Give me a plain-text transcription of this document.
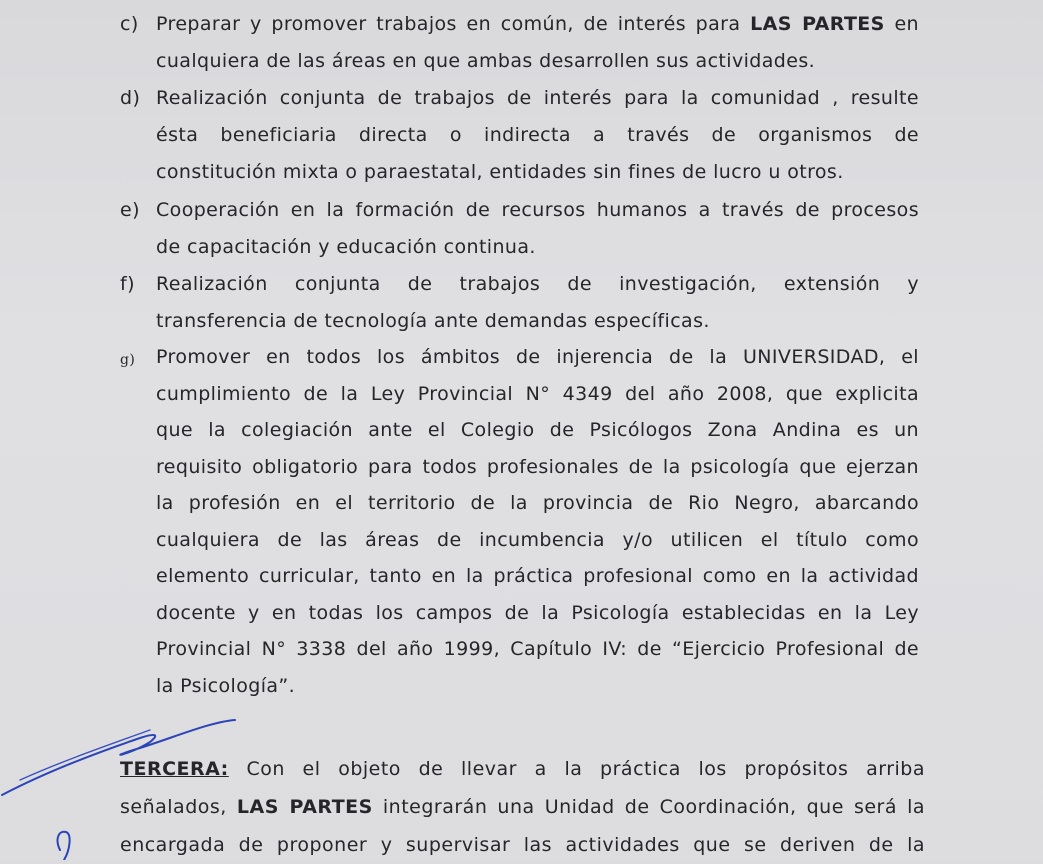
c) Preparar y promover trabajos en común, de interés para LAS PARTES en
cualquiera de las áreas en que ambas desarrollen sus actividades.
d) Realización conjunta de trabajos de interés para la comunidad , resulte
ésta beneficiaria directa o indirecta a través de organismos de
constitución mixta o paraestatal, entidades sin fines de lucro u otros.
e) Cooperación en la formación de recursos humanos a través de procesos
de capacitación y educación continua.
f)	Realización conjunta de trabajos de investigación, extensión y
transferencia de tecnología ante demandas específicas.
g)	Promover en todos los ámbitos de injerencia de la UNIVERSIDAD, el
cumplimiento de la Ley Provincial N° 4349 del año 2008, que explicita
que la colegiación ante el Colegio de Psicólogos Zona Andina es un
requisito obligatorio para todos profesionales de la psicología que ejerzan
la profesión en el territorio de la provincia de Rio Negro, abarcando
cualquiera de las áreas de incumbencia y/o utilicen el título como
elemento curricular, tanto en la práctica profesional como en la actividad
docente y en todas los campos de la Psicología establecidas en la Ley
Provincial N° 3338 del año 1999, Capítulo IV: de “Ejercicio Profesional de
la Psicología”.
TERCERA: Con el objeto de llevar a la práctica los propósitos arriba
señalados, LAS PARTES integrarán una Unidad de Coordinación, que será la
encargada de proponer y supervisar las actividades que se deriven de la
